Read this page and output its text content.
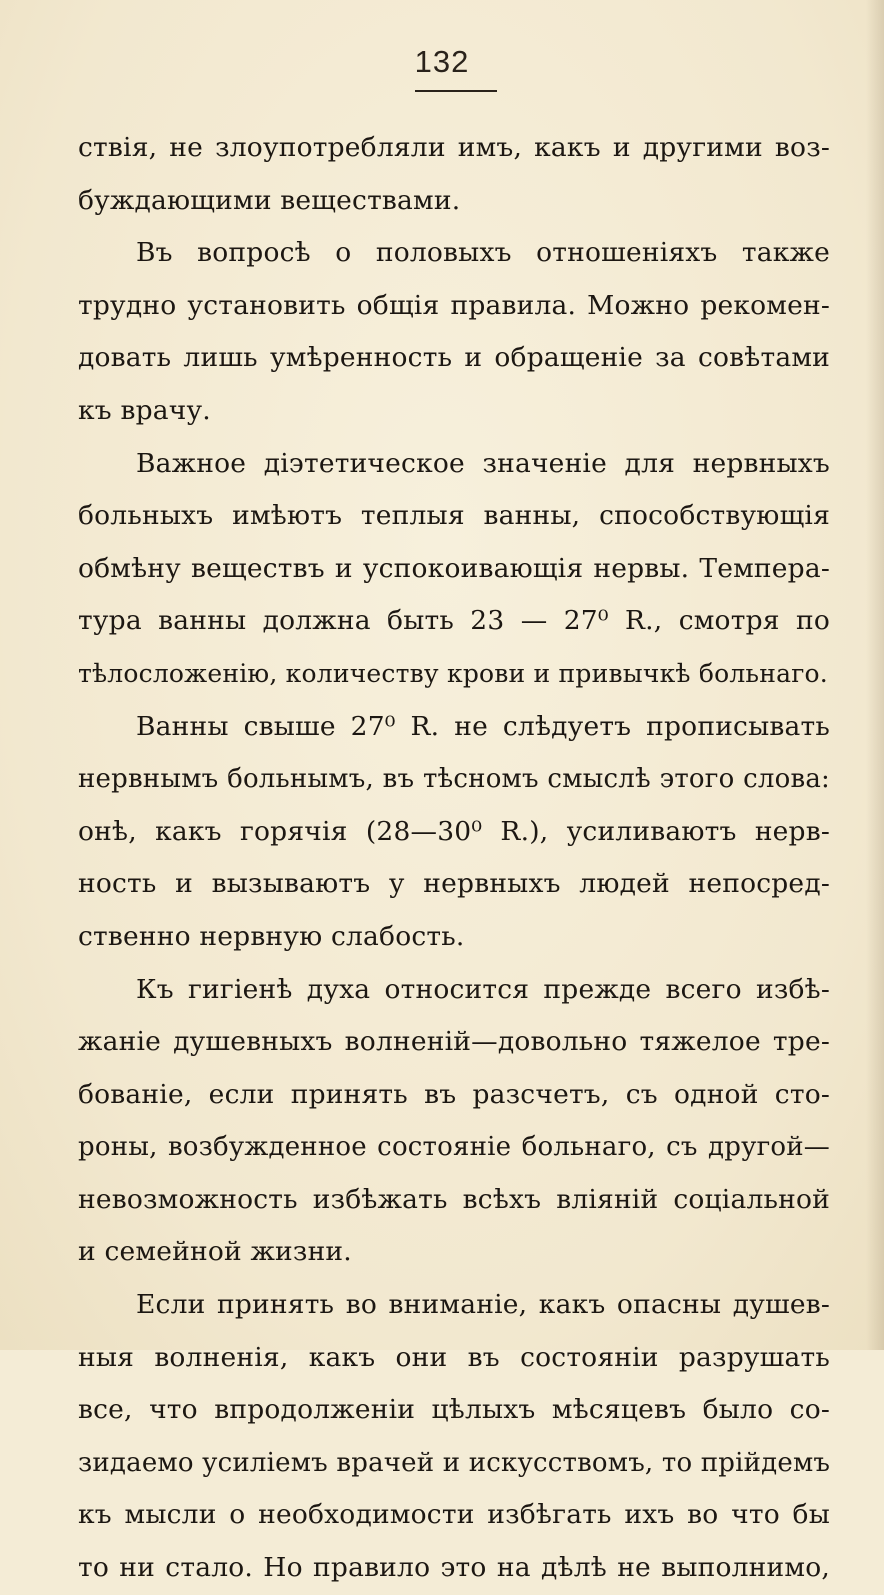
132
ствія, не злоупотребляли имъ, какъ и другими воз-
буждающими веществами.
Въ вопросѣ о половыхъ отношеніяхъ также
трудно установить общія правила. Можно рекомен-
довать лишь умѣренность и обращеніе за совѣтами
къ врачу.
Важное діэтетическое значеніе для нервныхъ
больныхъ имѣютъ теплыя ванны, способствующія
обмѣну веществъ и успокоивающія нервы. Темпера-
тура ванны должна быть 23 — 27⁰ R., смотря по
тѣлосложенію, количеству крови и привычкѣ больнаго.
Ванны свыше 27⁰ R. не слѣдуетъ прописывать
нервнымъ больнымъ, въ тѣсномъ смыслѣ этого слова:
онѣ, какъ горячія (28—30⁰ R.), усиливаютъ нерв-
ность и вызываютъ у нервныхъ людей непосред-
ственно нервную слабость.
Къ гигіенѣ духа относится прежде всего избѣ-
жаніе душевныхъ волненій—довольно тяжелое тре-
бованіе, если принять въ разсчетъ, съ одной сто-
роны, возбужденное состояніе больнаго, съ другой—
невозможность избѣжать всѣхъ вліяній соціальной
и семейной жизни.
Если принять во вниманіе, какъ опасны душев-
ныя волненія, какъ они въ состояніи разрушать
все, что впродолженіи цѣлыхъ мѣсяцевъ было со-
зидаемо усиліемъ врачей и искусствомъ, то прійдемъ
къ мысли о необходимости избѣгать ихъ во что бы
то ни стало. Но правило это на дѣлѣ не выполнимо,
